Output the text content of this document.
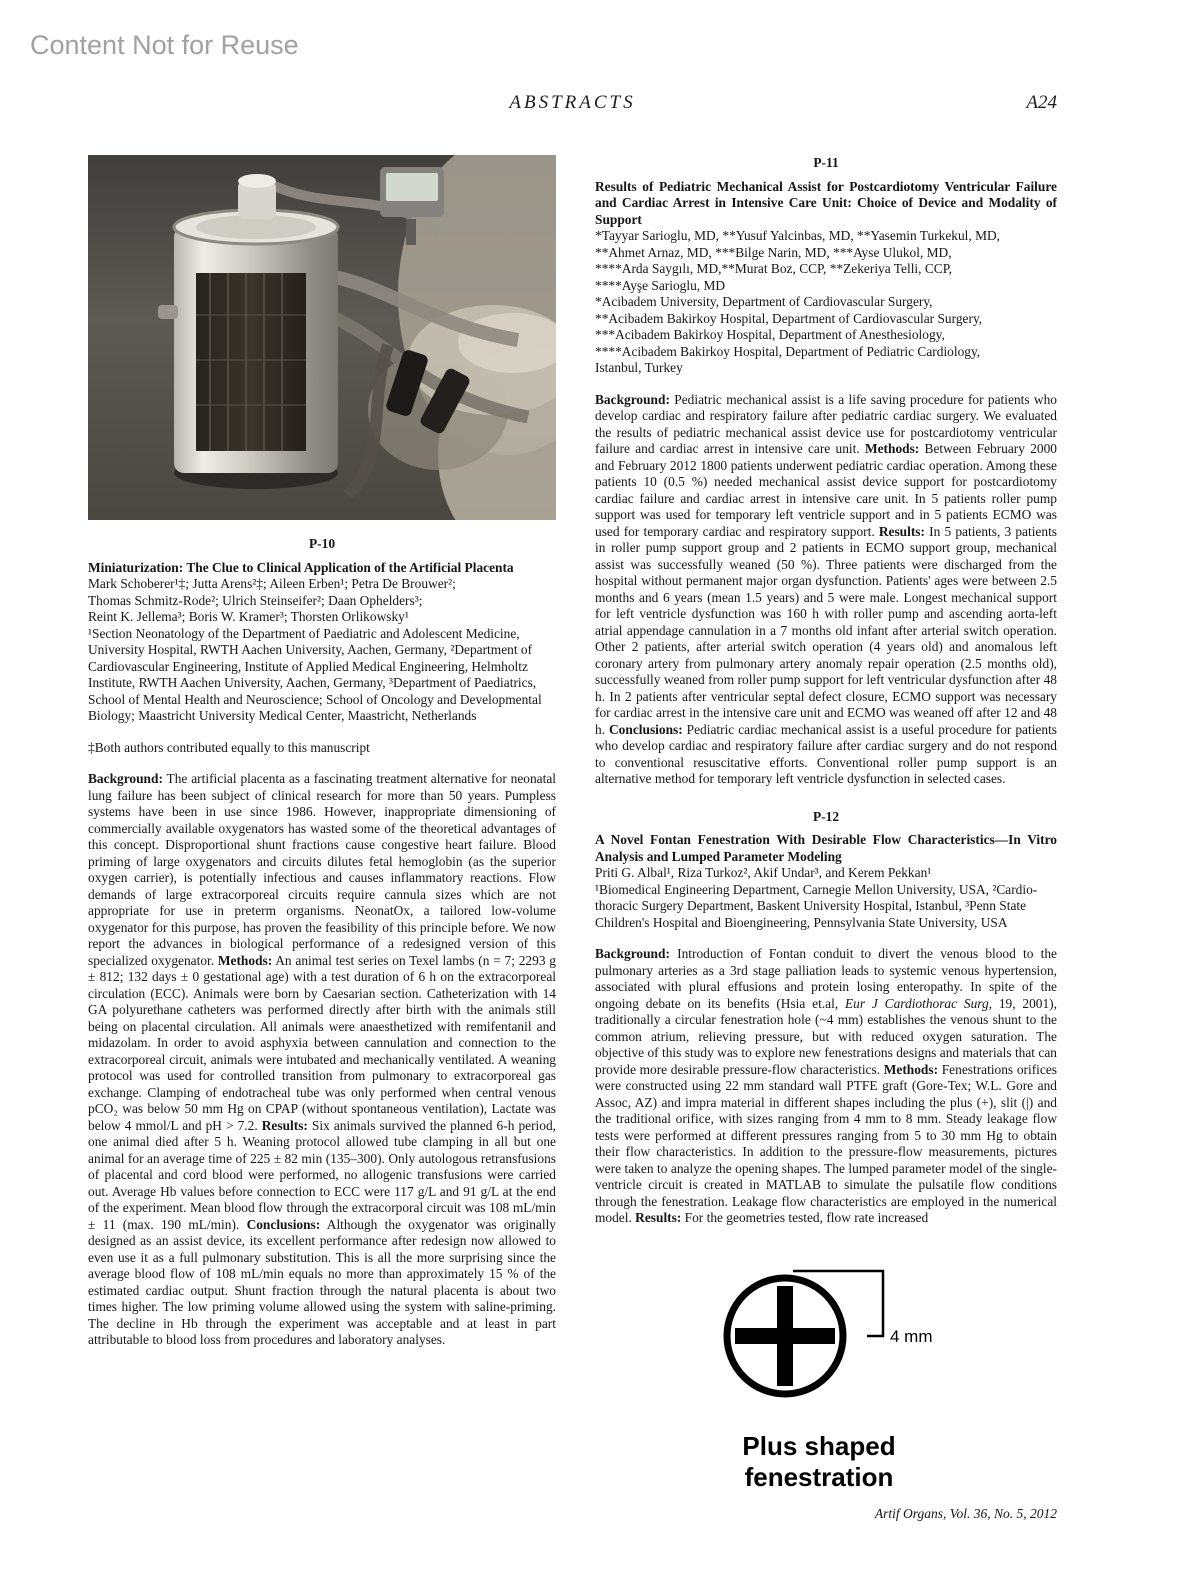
Content Not for Reuse
ABSTRACTS	A24
P-10
Miniaturization: The Clue to Clinical Application of the Artificial Placenta
Mark Schoberer¹‡; Jutta Arens²‡; Aileen Erben¹; Petra De Brouwer²;
Thomas Schmitz-Rode²; Ulrich Steinseifer²; Daan Ophelders³;
Reint K. Jellema³; Boris W. Kramer³; Thorsten Orlikowsky¹
¹Section Neonatology of the Department of Paediatric and Adolescent Medicine, University Hospital, RWTH Aachen University, Aachen, Germany, ²Department of Cardiovascular Engineering, Institute of Applied Medical Engineering, Helmholtz Institute, RWTH Aachen University, Aachen, Germany, ³Department of Paediatrics, School of Mental Health and Neuroscience; School of Oncology and Developmental Biology; Maastricht University Medical Center, Maastricht, Netherlands
‡Both authors contributed equally to this manuscript

Background: The artificial placenta as a fascinating treatment alternative for neonatal lung failure has been subject of clinical research for more than 50 years. Pumpless systems have been in use since 1986. However, inappropriate dimensioning of commercially available oxygenators has wasted some of the theoretical advantages of this concept. Disproportional shunt fractions cause congestive heart failure. Blood priming of large oxygenators and circuits dilutes fetal hemoglobin (as the superior oxygen carrier), is potentially infectious and causes inflammatory reactions. Flow demands of large extracorporeal circuits require cannula sizes which are not appropriate for use in preterm organisms. NeonatOx, a tailored low-volume oxygenator for this purpose, has proven the feasibility of this principle before. We now report the advances in biological performance of a redesigned version of this specialized oxygenator. Methods: An animal test series on Texel lambs (n = 7; 2293 g ± 812; 132 days ± 0 gestational age) with a test duration of 6 h on the extracorporeal circulation (ECC). Animals were born by Caesarian section. Catheterization with 14 GA polyurethane catheters was performed directly after birth with the animals still being on placental circulation. All animals were anaesthetized with remifentanil and midazolam. In order to avoid asphyxia between cannulation and connection to the extracorporeal circuit, animals were intubated and mechanically ventilated. A weaning protocol was used for controlled transition from pulmonary to extracorporeal gas exchange. Clamping of endotracheal tube was only performed when central venous pCO₂ was below 50 mm Hg on CPAP (without spontaneous ventilation), Lactate was below 4 mmol/L and pH > 7.2. Results: Six animals survived the planned 6-h period, one animal died after 5 h. Weaning protocol allowed tube clamping in all but one animal for an average time of 225 ± 82 min (135–300). Only autologous retransfusions of placental and cord blood were performed, no allogenic transfusions were carried out. Average Hb values before connection to ECC were 117 g/L and 91 g/L at the end of the experiment. Mean blood flow through the extracorporal circuit was 108 mL/min ± 11 (max. 190 mL/min). Conclusions: Although the oxygenator was originally designed as an assist device, its excellent performance after redesign now allowed to even use it as a full pulmonary substitution. This is all the more surprising since the average blood flow of 108 mL/min equals no more than approximately 15 % of the estimated cardiac output. Shunt fraction through the natural placenta is about two times higher. The low priming volume allowed using the system with saline-priming. The decline in Hb through the experiment was acceptable and at least in part attributable to blood loss from procedures and laboratory analyses.

P-11
Results of Pediatric Mechanical Assist for Postcardiotomy Ventricular Failure and Cardiac Arrest in Intensive Care Unit: Choice of Device and Modality of Support
*Tayyar Sarioglu, MD, **Yusuf Yalcinbas, MD, **Yasemin Turkekul, MD,
**Ahmet Arnaz, MD, ***Bilge Narin, MD, ***Ayse Ulukol, MD,
****Arda Saygılı, MD,**Murat Boz, CCP, **Zekeriya Telli, CCP,
****Ayşe Sarioglu, MD
*Acibadem University, Department of Cardiovascular Surgery,
**Acibadem Bakirkoy Hospital, Department of Cardiovascular Surgery,
***Acibadem Bakirkoy Hospital, Department of Anesthesiology,
****Acibadem Bakirkoy Hospital, Department of Pediatric Cardiology,
Istanbul, Turkey

Background: Pediatric mechanical assist is a life saving procedure for patients who develop cardiac and respiratory failure after pediatric cardiac surgery. We evaluated the results of pediatric mechanical assist device use for postcardiotomy ventricular failure and cardiac arrest in intensive care unit. Methods: Between February 2000 and February 2012 1800 patients underwent pediatric cardiac operation. Among these patients 10 (0.5 %) needed mechanical assist device support for postcardiotomy cardiac failure and cardiac arrest in intensive care unit. In 5 patients roller pump support was used for temporary left ventricle support and in 5 patients ECMO was used for temporary cardiac and respiratory support. Results: In 5 patients, 3 patients in roller pump support group and 2 patients in ECMO support group, mechanical assist was successfully weaned (50 %). Three patients were discharged from the hospital without permanent major organ dysfunction. Patients' ages were between 2.5 months and 6 years (mean 1.5 years) and 5 were male. Longest mechanical support for left ventricle dysfunction was 160 h with roller pump and ascending aorta-left atrial appendage cannulation in a 7 months old infant after arterial switch operation. Other 2 patients, after arterial switch operation (4 years old) and anomalous left coronary artery from pulmonary artery anomaly repair operation (2.5 months old), successfully weaned from roller pump support for left ventricular dysfunction after 48 h. In 2 patients after ventricular septal defect closure, ECMO support was necessary for cardiac arrest in the intensive care unit and ECMO was weaned off after 12 and 48 h. Conclusions: Pediatric cardiac mechanical assist is a useful procedure for patients who develop cardiac and respiratory failure after cardiac surgery and do not respond to conventional resuscitative efforts. Conventional roller pump support is an alternative method for temporary left ventricle dysfunction in selected cases.

P-12
A Novel Fontan Fenestration With Desirable Flow Characteristics—In Vitro Analysis and Lumped Parameter Modeling
Priti G. Albal¹, Riza Turkoz², Akif Undar³, and Kerem Pekkan¹
¹Biomedical Engineering Department, Carnegie Mellon University, USA, ²Cardio-thoracic Surgery Department, Baskent University Hospital, Istanbul, ³Penn State Children's Hospital and Bioengineering, Pennsylvania State University, USA

Background: Introduction of Fontan conduit to divert the venous blood to the pulmonary arteries as a 3rd stage palliation leads to systemic venous hypertension, associated with plural effusions and protein losing enteropathy. In spite of the ongoing debate on its benefits (Hsia et.al, Eur J Cardiothorac Surg, 19, 2001), traditionally a circular fenestration hole (~4 mm) establishes the venous shunt to the common atrium, relieving pressure, but with reduced oxygen saturation. The objective of this study was to explore new fenestrations designs and materials that can provide more desirable pressure-flow characteristics. Methods: Fenestrations orifices were constructed using 22 mm standard wall PTFE graft (Gore-Tex; W.L. Gore and Assoc, AZ) and impra material in different shapes including the plus (+), slit (|) and the traditional orifice, with sizes ranging from 4 mm to 8 mm. Steady leakage flow tests were performed at different pressures ranging from 5 to 30 mm Hg to obtain their flow characteristics. In addition to the pressure-flow measurements, pictures were taken to analyze the opening shapes. The lumped parameter model of the single-ventricle circuit is created in MATLAB to simulate the pulsatile flow conditions through the fenestration. Leakage flow characteristics are employed in the numerical model. Results: For the geometries tested, flow rate increased

4 mm
Plus shaped
fenestration
Artif Organs, Vol. 36, No. 5, 2012
